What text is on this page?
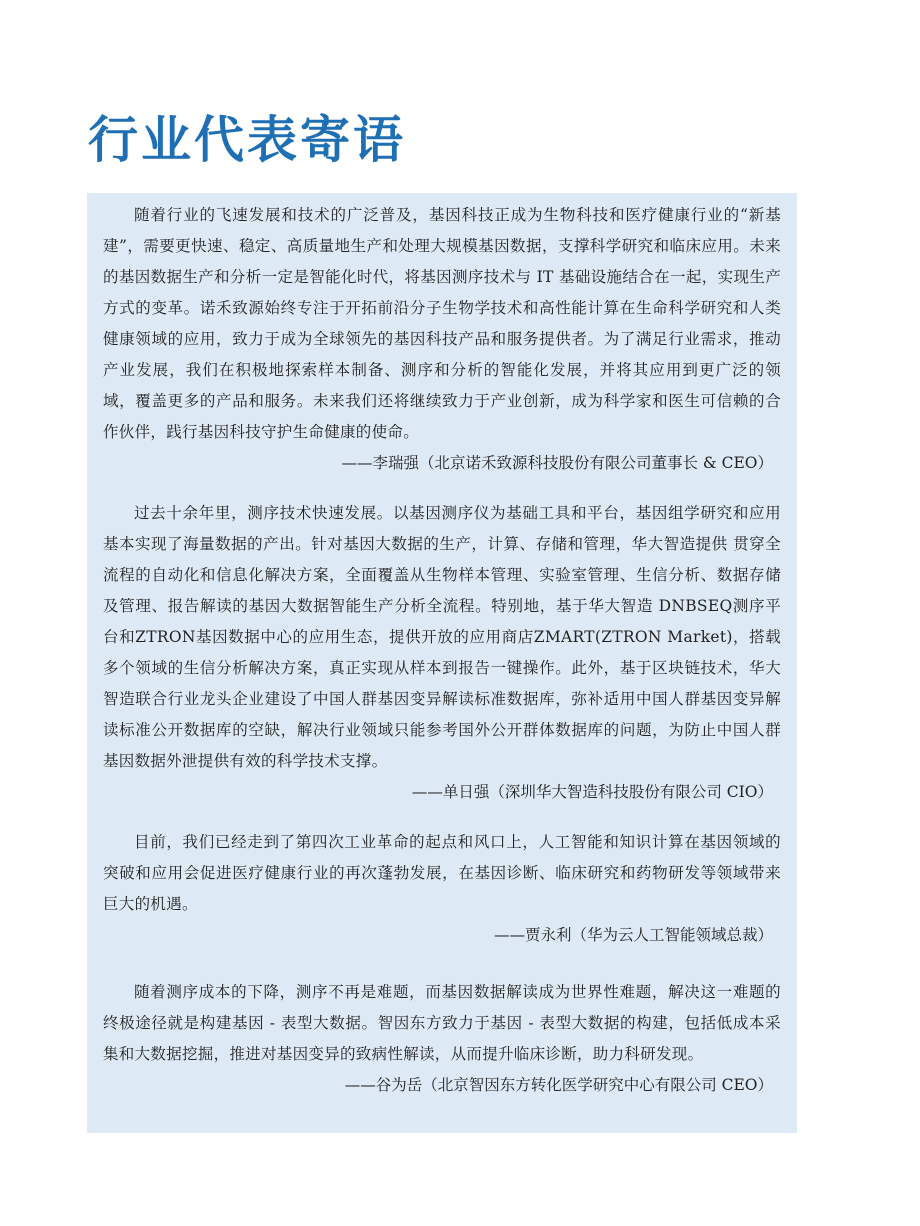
行业代表寄语

随着行业的飞速发展和技术的广泛普及，基因科技正成为生物科技和医疗健康行业的“新基建”，需要更快速、稳定、高质量地生产和处理大规模基因数据，支撑科学研究和临床应用。未来的基因数据生产和分析一定是智能化时代，将基因测序技术与 IT 基础设施结合在一起，实现生产方式的变革。诺禾致源始终专注于开拓前沿分子生物学技术和高性能计算在生命科学研究和人类健康领域的应用，致力于成为全球领先的基因科技产品和服务提供者。为了满足行业需求，推动产业发展，我们在积极地探索样本制备、测序和分析的智能化发展，并将其应用到更广泛的领域，覆盖更多的产品和服务。未来我们还将继续致力于产业创新，成为科学家和医生可信赖的合作伙伴，践行基因科技守护生命健康的使命。

——李瑞强（北京诺禾致源科技股份有限公司董事长 & CEO）

过去十余年里，测序技术快速发展。以基因测序仪为基础工具和平台，基因组学研究和应用基本实现了海量数据的产出。针对基因大数据的生产，计算、存储和管理，华大智造提供 贯穿全流程的自动化和信息化解决方案，全面覆盖从生物样本管理、实验室管理、生信分析、数据存储及管理、报告解读的基因大数据智能生产分析全流程。特别地，基于华大智造 DNBSEQ测序平台和ZTRON基因数据中心的应用生态，提供开放的应用商店ZMART(ZTRON Market)，搭载多个领域的生信分析解决方案，真正实现从样本到报告一键操作。此外，基于区块链技术，华大智造联合行业龙头企业建设了中国人群基因变异解读标准数据库，弥补适用中国人群基因变异解读标准公开数据库的空缺，解决行业领域只能参考国外公开群体数据库的问题，为防止中国人群基因数据外泄提供有效的科学技术支撑。

——单日强（深圳华大智造科技股份有限公司 CIO）

目前，我们已经走到了第四次工业革命的起点和风口上，人工智能和知识计算在基因领域的突破和应用会促进医疗健康行业的再次蓬勃发展，在基因诊断、临床研究和药物研发等领域带来巨大的机遇。

——贾永利（华为云人工智能领域总裁）

随着测序成本的下降，测序不再是难题，而基因数据解读成为世界性难题，解决这一难题的终极途径就是构建基因 - 表型大数据。智因东方致力于基因 - 表型大数据的构建，包括低成本采集和大数据挖掘，推进对基因变异的致病性解读，从而提升临床诊断，助力科研发现。

——谷为岳（北京智因东方转化医学研究中心有限公司 CEO）
